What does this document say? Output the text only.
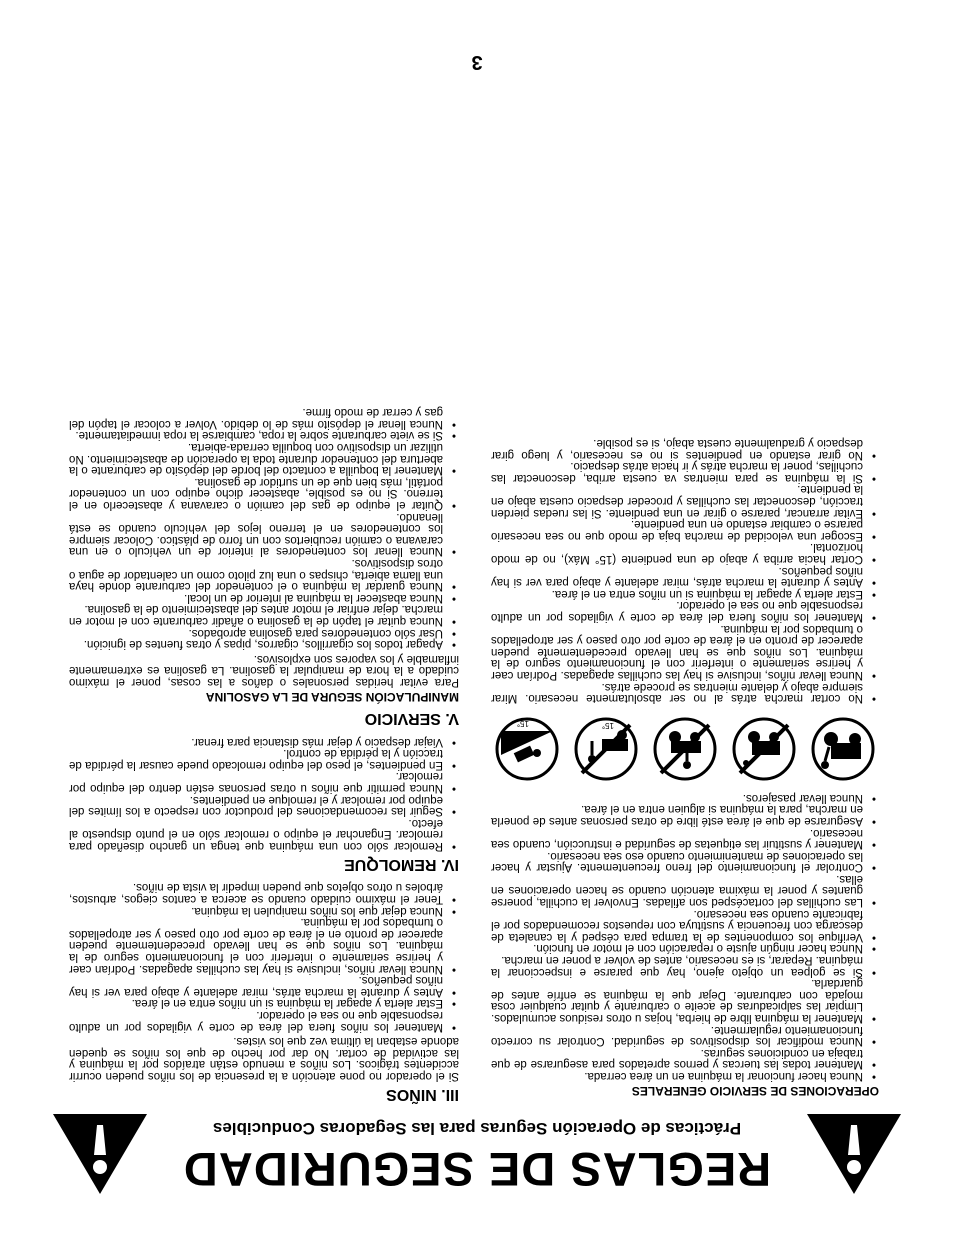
REGLAS DE SEGURIDAD
Prácticas de Operación Seguras para las Segadoras Conducibles
OPERACIONES DE SERVICIO GENERALES
• Nunca hacer funcionar la máquina en un área cerrada.
• Mantener todas las tuercas y pernos apretados para asegurarse de que trabaja en condiciones seguras.
• Nunca modificar los dispositivos de seguridad. Controlar su correcto funcionamiento regularmente.
• Mantener la máquina libre de hierba, hojas u otros residuos acumulados. Limpiar las salpicaduras de aceite o carburante y quitar cualquier cosa mojada con carburante. Dejar que la máquina se enfríe antes de guardarla.
• Si se golpea un objeto ajeno, hay que pararse e inspeccionar la máquina. Reparar, si es necesario, antes de volver a poner en marcha.
• Nunca hacer ningún ajuste o reparación con el motor en función.
• Verifique los componentes de la trampa para césped y la canaleta de descarga con frecuencia y sustituya con repuestos recomendados por el fabricante cuando sea necesario.
• Las cuchillas del cortacésped son afiladas. Envolver la cuchilla, ponerse guantes y poner la máxima atención cuando se hacen operaciones en ellas.
• Controlar el funcionamiento del freno frecuentemente. Ajustar y hacer las operaciones de mantenimiento cuando eso sea necesario.
• Mantener y sustituir las etiquetas de seguridad e instrucción, cuando sea necesario.
• Asegurarse de que el área esté libre de otras personas antes de ponerla en marcha, para la máquina si alguien entra en el área.
• Nunca llevar pasajeros.
15°
15°
• No cortar marcha atrás al no ser absolutamente necesario. Mirar siempre abajo y delante mientras se procede atrás.
• Nunca llevar niños, inclusive si hay las cuchillas apagadas. Podrían caer y herirse seriamente o interferir con el funcionamiento seguro de la máquina. Los niños que se han llevado precedentemente pueden aparecer de pronto en el área de corte por otro paseo y ser atropellados o tumbados por la máquina.
• Mantener los niños fuera del área de corte y vigilados por un adulto responsable que no sea el operador.
• Estar alerta y apagar la máquina si un niños entra en el área.
• Antes y durante la marcha atrás, mirar adelante y abajo para ver si hay niños pequeños.
• Cortar hacia arriba y abajo de una pendiente (15° Máx), no de modo horizontal.
• Escoger una velocidad de marcha baja de modo que no sea necesario pararse o cambiar estando en una pendiente.
• Evitar arrancar, pararse o girar en una pendiente. Si las ruedas pierden tracción, desconectar las cuchillas y proceder despacio cuesta abajo en la pendiente.
• Si la máquina se para mientras va cuesta arriba, desconectar las cuchillas, poner la marcha atrás y ir hacia atrás despacio.
• No girar estando en pendientes si no es necesario, y luego girar despacio y gradualmente cuesta abajo, si es posible.
III. NIÑOS

Si el operador no pone atención a la presencia de los niños pueden ocurrir accidentes trágicos. Los niños a menudo están atraídos por la máquina y las actividad de cortar. No dar por hecho de que los niños se queden adonde estaban la última vez que los vistes.

• Mantener los niños fuera del área de corte y vigilados por un adulto responsable que no sea el operador.
• Estar alerta y apagar la máquina si un niños entra en el área.
• Antes y durante la marcha atrás, mirar adelante y abajo para ver si hay niños pequeños.
• Nunca llevar niños, inclusive si hay las cuchillas apagadas. Podrían caer y herirse seriamente o interferir con el funcionamiento seguro de la máquina. Los niños que se han llevado precedentemente pueden aparecer de pronto en el área de corte por otro paseo y ser atropellados o tumbados por la máquina.
• Nunca dejar que los niños manipulen la máquina.
• Tener el máximo cuidado cuando se acerca a cantos ciegos, arbustos, árboles u otros objetos que pueden impedir la vista de niños.
IV. REMOLQUE
• Remolcar sólo con una máquina que tenga un gancho diseñado para remolcar. Enganchar el equipo o remolcar sólo en el punto dispuesto al efecto.
• Seguir las recomendaciones del productor con respecto a los límites del equipo por remolcar y el remolque en pendientes.
• Nunca permitir que niños u otras personas estén dentro del equipo por remolcar.
• En pendientes, el peso del equipo remolcado puede causar la pérdida de tracción y la pérdida de control.
• Viajar despacio y dejar más distancia para frenar.
V. SERVICIO
MANIPULACIÓN SEGURA DE LA GASOLINA

Para evitar heridas personales o daños a las cosas, poner el máximo cuidado a la hora de manipular la gasolina. La gasolina es extremamente inflamable y los vapores son explosivos.

• Apagar todos los cigarrillos, cigarros, pipas y otras fuentes de ignición.
• Usar sólo contenedores para gasolina aprobados.
• Nunca quitar el tapón de la gasolina o añadir carburante con el motor en marcha. dejar enfriar el motor antes del abastecimiento de la gasolina.
• Nunca abastecer la máquina al interior de un local.
• Nunca guardar la máquina o el contenedor del carburante donde haya una llama abierta, chispas o una luz piloto como un calentador de agua o otros dispositivos.
• Nunca llenar los contenedores al interior de un vehículo o en una caravana o camión recubiertos con un forro de plástico. Colocar siempre los contenedores en el terreno lejos del vehículo cuando se está llenando.
• Quitar el equipo de gas del camión o caravana y abastecerlo en el terreno. Si no es posible, abastecer dicho equipo con un contenedor portátil, más bien que de un surtidor de gasolina.
• Mantener la boquilla a contacto del borde del depósito de carburante o la abertura del contenedor durante toda la operación de abastecimiento. No utilizar un dispositivo con boquilla cerrada-abierta.
• Si se viete carburante sobre la ropa, cambiarse la ropa inmediatamente.
• Nunca llenar el depósito más de lo debido. Volver a colocar el tapón del gas y cerrar de modo firme.
3
